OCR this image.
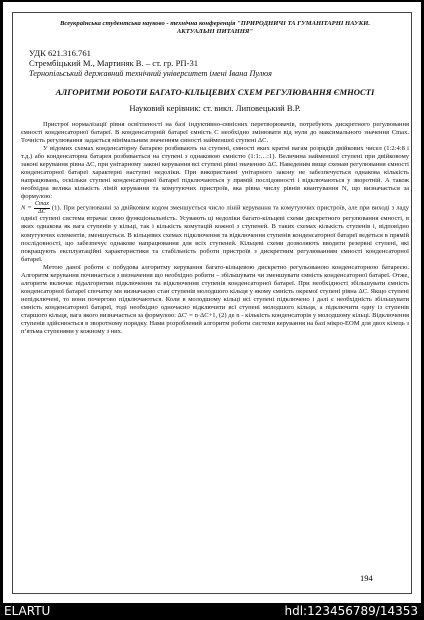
Всеукраїнська студентська науково - технічна конференція "ПРИРОДНИЧІ ТА ГУМАНІТАРНІ НАУКИ. АКТУАЛЬНІ ПИТАННЯ"
УДК 621.316.761
Стрембіцький М., Мартиняк В. – ст. гр. РП-31
Тернопільський державний технічний університет імені Івана Пулюя
АЛГОРИТМИ РОБОТИ БАГАТО-КІЛЬЦЕВИХ СХЕМ РЕГУЛЮВАННЯ ЄМНОСТІ
Науковий керівник: ст. викл. Липовецький В.Р.

Пристрої нормалізації рівня освітленості на базі індуктивно-ємнісних перетворювачів, потребують дискретного регулювання ємності конденсаторної батареї. В конденсаторній батареї ємність С необхідно змінювати від нуля до максимального значення Сmax. Точність регулювання задається мінімальним значенням ємності найменшої ступені ΔС.

У відомих схемах конденсаторну батарею розбивають на ступені, ємності яких кратні вагам розрядів двійкових чисел (1:2:4:8 і т.д.) або конденсаторна батарея розбивається на ступені з однаковою ємністю (1:1:…:1). Величина найменшої ступені при двійковому законі керування рівна ΔС, при унітарному законі керування всі ступені рівні значенню ΔС. Наведеним вище схемам регулювання ємності конденсаторної батареї характерні наступні недоліки. При використанні унітарного закону не забезпечується однакова кількість напрацювань, оскільки ступені конденсаторної батареї підключаються у прямій послідовності і відключаються у зворотній. А також необхідна велика кількість ліній керування та комутуючих пристроїв, яка рівна числу рівнів квантування N, що визначається за формулою:

$N = \frac{Cmax}{\Delta C} (1)$. При регулюванні за двійковим кодом зменшується число ліній керування та комутуючих пристроїв, але при виході з ладу однієї ступені система втрачає свою функціональність. Усувають ці недоліки багато-кільцеві схеми дискретного регулювання ємності, в яких однакова як вага ступенів у кільці, так і кількість комутацій кожної з ступеней. В таких схемах кількість ступенів і, відповідно комутуючих елементів, зменшується. В кільцевих схемах підключення та відключення ступенів конденсаторної батареї ведеться в прямій послідовності, що забезпечує однакове напрацювання для всіх ступеней. Кільцеві схеми дозволяють вводити резервні ступені, які покращують експлуатаційні характеристики та стабільність роботи пристроїв з дискретним регулюванням ємності конденсаторної батареї.

Метою даної роботи є побудова алгоритму керування багато-кільцевою дискретно регульованою конденсаторною батареєю. Алгоритм керування починається з визначення що необхідно робити – збільшувати чи зменшувати ємність конденсаторної батареї. Отже, алгоритм включає підалгоритми підключення та відключення ступенів конденсаторної батареї. При необхідності збільшувати ємність конденсаторної батареї спочатку ми визначаємо стан ступенів молодшого кільця у якому ємність окремої ступені рівна ΔС. Якщо ступені непідключені, то вони почергово підключаються. Коли в молодшому кільці всі ступені підключено і далі є необхідність збільшувати ємність конденсаторної батареї, тоді необхідно одночасно відключити всі ступені молодшого кільця, а підключити одну із ступенів старшого кільця, вага якого визначається за формулою: ΔC' = n·ΔC+1, (2) де n - кількість конденсаторів у молодшому кільці. Відключення ступенів здійснюється в зворотному порядку. Нами розроблений алгоритм роботи системи керування на базі мікро-ЕОМ для двох кілець з п’ятьма ступенями у кожному з них.

194
ELARTU	hdl:123456789/14353
